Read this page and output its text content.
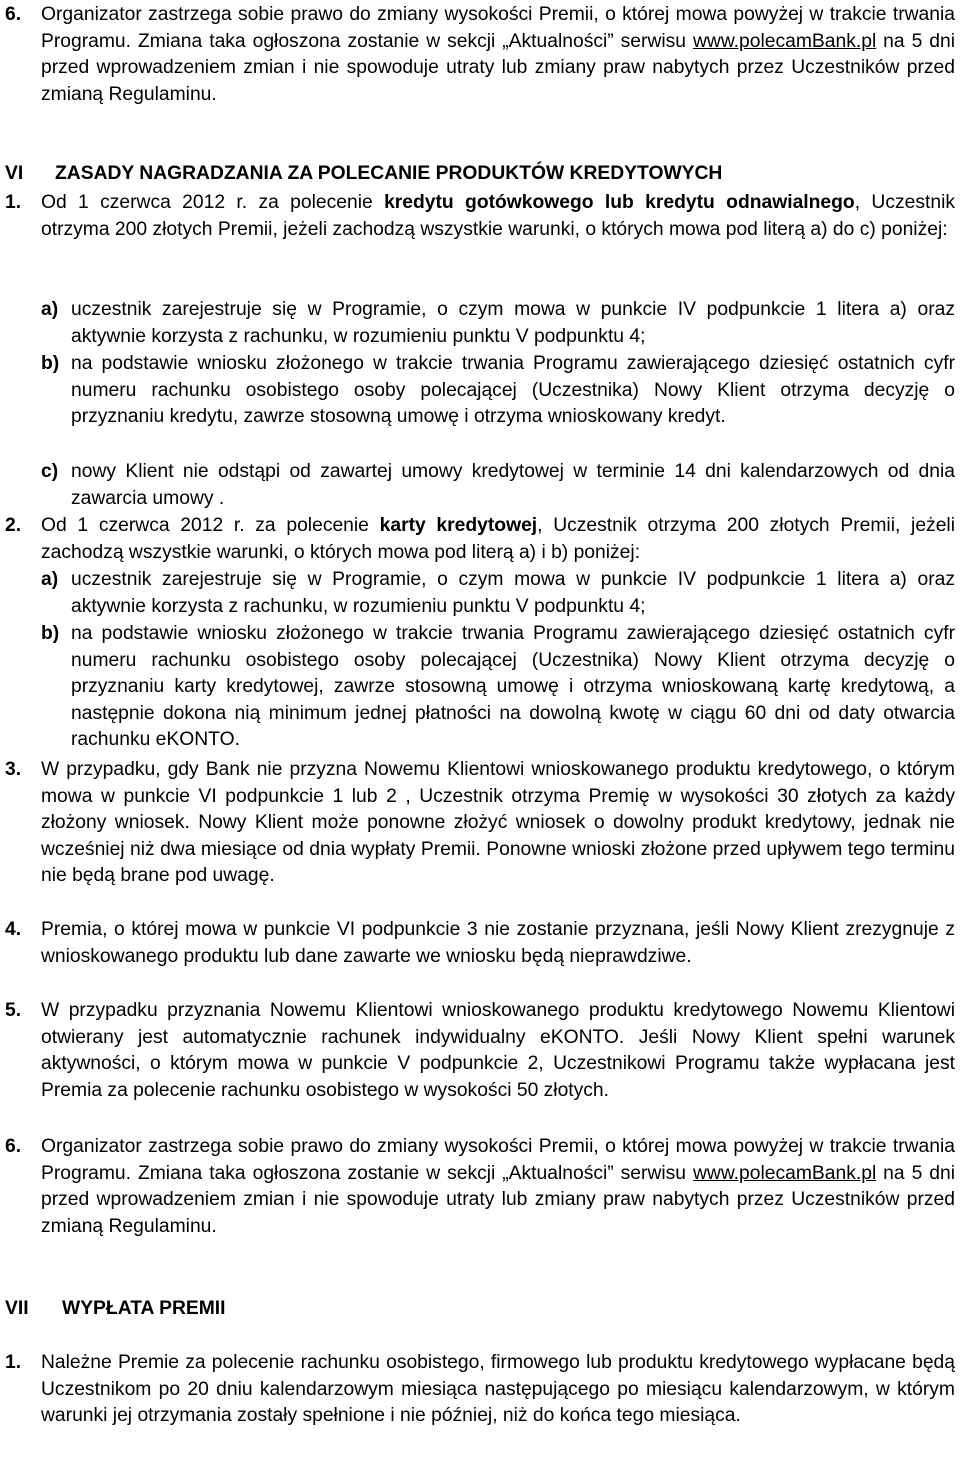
6. Organizator zastrzega sobie prawo do zmiany wysokości Premii, o której mowa powyżej w trakcie trwania Programu. Zmiana taka ogłoszona zostanie w sekcji „Aktualności” serwisu www.polecamBank.pl na 5 dni przed wprowadzeniem zmian i nie spowoduje utraty lub zmiany praw nabytych przez Uczestników przed zmianą Regulaminu.
VI ZASADY NAGRADZANIA ZA POLECANIE PRODUKTÓW KREDYTOWYCH
1. Od 1 czerwca 2012 r. za polecenie kredytu gotówkowego lub kredytu odnawialnego, Uczestnik otrzyma 200 złotych Premii, jeżeli zachodzą wszystkie warunki, o których mowa pod literą a) do c) poniżej:
a) uczestnik zarejestruje się w Programie, o czym mowa w punkcie IV podpunkcie 1 litera a) oraz aktywnie korzysta z rachunku, w rozumieniu punktu V podpunktu 4;
b) na podstawie wniosku złożonego w trakcie trwania Programu zawierającego dziesięć ostatnich cyfr numeru rachunku osobistego osoby polecającej (Uczestnika) Nowy Klient otrzyma decyzję o przyznaniu kredytu, zawrze stosowną umowę i otrzyma wnioskowany kredyt.
c) nowy Klient nie odstąpi od zawartej umowy kredytowej w terminie 14 dni kalendarzowych od dnia zawarcia umowy .
2. Od 1 czerwca 2012 r. za polecenie karty kredytowej, Uczestnik otrzyma 200 złotych Premii, jeżeli zachodzą wszystkie warunki, o których mowa pod literą a) i b) poniżej:
a) uczestnik zarejestruje się w Programie, o czym mowa w punkcie IV podpunkcie 1 litera a) oraz aktywnie korzysta z rachunku, w rozumieniu punktu V podpunktu 4;
b) na podstawie wniosku złożonego w trakcie trwania Programu zawierającego dziesięć ostatnich cyfr numeru rachunku osobistego osoby polecającej (Uczestnika) Nowy Klient otrzyma decyzję o przyznaniu karty kredytowej, zawrze stosowną umowę i otrzyma wnioskowaną kartę kredytową, a następnie dokona nią minimum jednej płatności na dowolną kwotę w ciągu 60 dni od daty otwarcia rachunku eKONTO.
3. W przypadku, gdy Bank nie przyzna Nowemu Klientowi wnioskowanego produktu kredytowego, o którym mowa w punkcie VI podpunkcie 1 lub 2 , Uczestnik otrzyma Premię w wysokości 30 złotych za każdy złożony wniosek. Nowy Klient może ponowne złożyć wniosek o dowolny produkt kredytowy, jednak nie wcześniej niż dwa miesiące od dnia wypłaty Premii. Ponowne wnioski złożone przed upływem tego terminu nie będą brane pod uwagę.
4. Premia, o której mowa w punkcie VI podpunkcie 3 nie zostanie przyznana, jeśli Nowy Klient zrezygnuje z wnioskowanego produktu lub dane zawarte we wniosku będą nieprawdziwe.
5. W przypadku przyznania Nowemu Klientowi wnioskowanego produktu kredytowego Nowemu Klientowi otwierany jest automatycznie rachunek indywidualny eKONTO. Jeśli Nowy Klient spełni warunek aktywności, o którym mowa w punkcie V podpunkcie 2, Uczestnikowi Programu także wypłacana jest Premia za polecenie rachunku osobistego w wysokości 50 złotych.
6. Organizator zastrzega sobie prawo do zmiany wysokości Premii, o której mowa powyżej w trakcie trwania Programu. Zmiana taka ogłoszona zostanie w sekcji „Aktualności” serwisu www.polecamBank.pl na 5 dni przed wprowadzeniem zmian i nie spowoduje utraty lub zmiany praw nabytych przez Uczestników przed zmianą Regulaminu.
VII WYPŁATA PREMII
1. Należne Premie za polecenie rachunku osobistego, firmowego lub produktu kredytowego wypłacane będą Uczestnikom po 20 dniu kalendarzowym miesiąca następującego po miesiącu kalendarzowym, w którym warunki jej otrzymania zostały spełnione i nie później, niż do końca tego miesiąca.
